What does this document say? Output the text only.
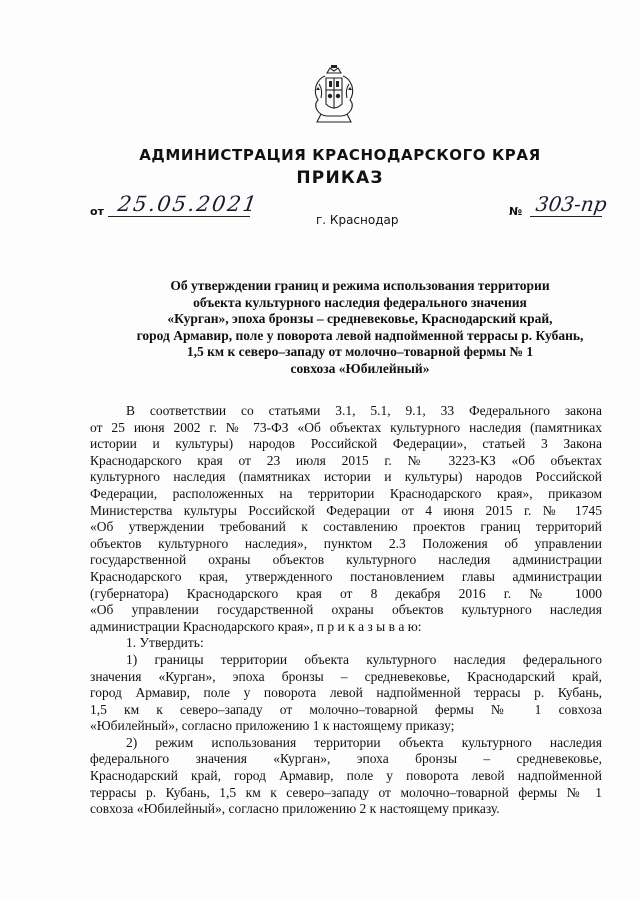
АДМИНИСТРАЦИЯ КРАСНОДАРСКОГО КРАЯ
ПРИКАЗ
от 25.05.2021
г. Краснодар
№ 303-пр
Об утверждении границ и режима использования территории
объекта культурного наследия федерального значения
«Курган», эпоха бронзы – средневековье, Краснодарский край,
город Армавир, поле у поворота левой надпойменной террасы р. Кубань,
1,5 км к северо–западу от молочно–товарной фермы № 1
совхоза «Юбилейный»
В соответствии со статьями 3.1, 5.1, 9.1, 33 Федерального закона
от 25 июня 2002 г. № 73-ФЗ «Об объектах культурного наследия (памятниках
истории и культуры) народов Российской Федерации», статьей 3 Закона
Краснодарского края от 23 июля 2015 г. № 3223-КЗ «Об объектах
культурного наследия (памятниках истории и культуры) народов Российской
Федерации, расположенных на территории Краснодарского края», приказом
Министерства культуры Российской Федерации от 4 июня 2015 г. № 1745
«Об утверждении требований к составлению проектов границ территорий
объектов культурного наследия», пунктом 2.3 Положения об управлении
государственной охраны объектов культурного наследия администрации
Краснодарского края, утвержденного постановлением главы администрации
(губернатора) Краснодарского края от 8 декабря 2016 г. № 1000
«Об управлении государственной охраны объектов культурного наследия
администрации Краснодарского края», п р и к а з ы в а ю:
1. Утвердить:
1) границы территории объекта культурного наследия федерального
значения «Курган», эпоха бронзы – средневековье, Краснодарский край,
город Армавир, поле у поворота левой надпойменной террасы р. Кубань,
1,5 км к северо–западу от молочно–товарной фермы № 1 совхоза
«Юбилейный», согласно приложению 1 к настоящему приказу;
2) режим использования территории объекта культурного наследия
федерального значения «Курган», эпоха бронзы – средневековье,
Краснодарский край, город Армавир, поле у поворота левой надпойменной
террасы р. Кубань, 1,5 км к северо–западу от молочно–товарной фермы № 1
совхоза «Юбилейный», согласно приложению 2 к настоящему приказу.
